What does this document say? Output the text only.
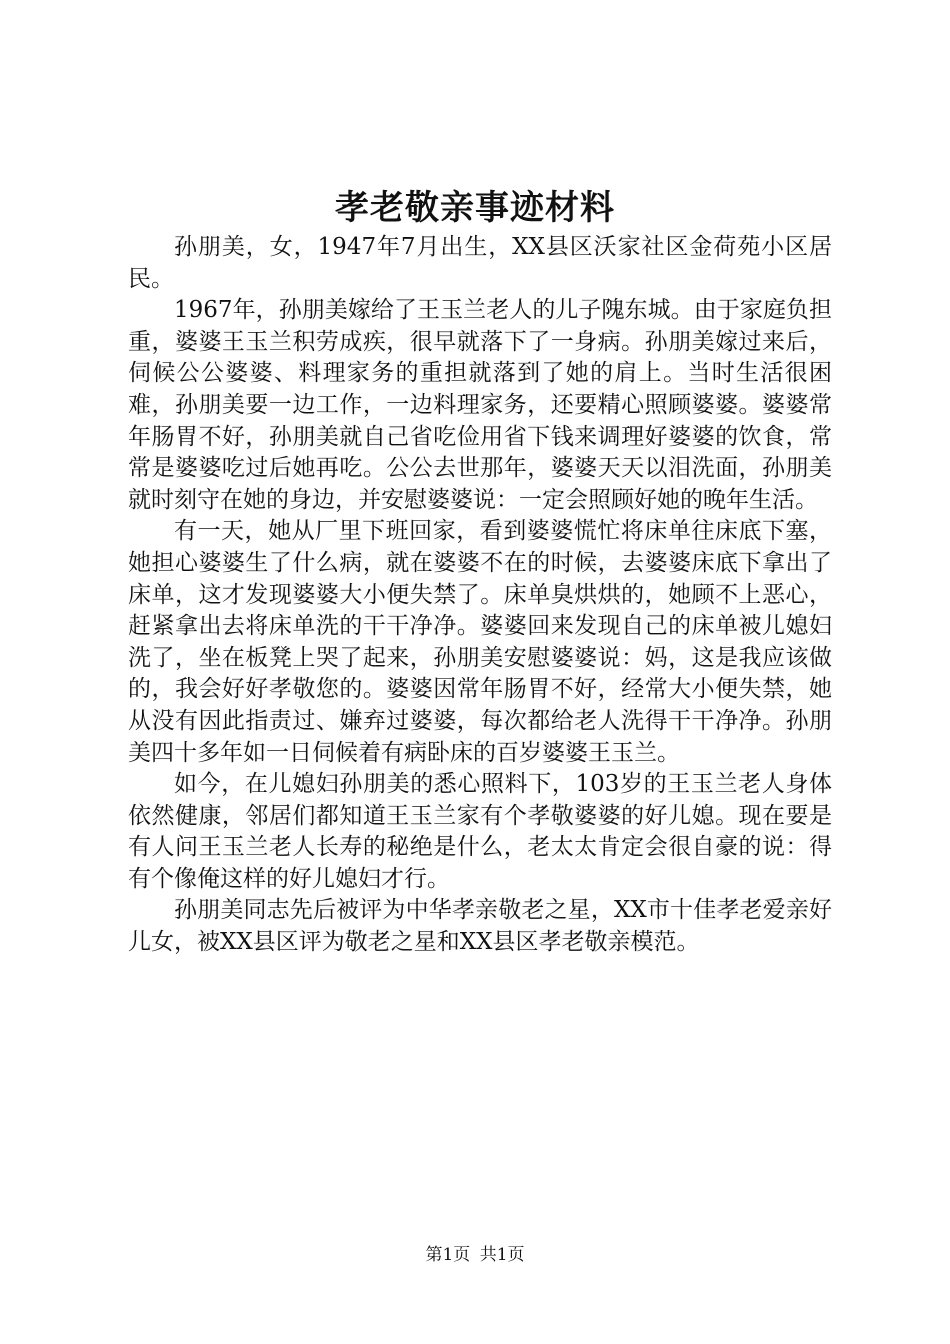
孝老敬亲事迹材料

孙朋美，女，1947年7月出生，XX县区沃家社区金荷苑小区居民。

1967年，孙朋美嫁给了王玉兰老人的儿子隗东城。由于家庭负担重，婆婆王玉兰积劳成疾，很早就落下了一身病。孙朋美嫁过来后，伺候公公婆婆、料理家务的重担就落到了她的肩上。当时生活很困难，孙朋美要一边工作，一边料理家务，还要精心照顾婆婆。婆婆常年肠胃不好，孙朋美就自己省吃俭用省下钱来调理好婆婆的饮食，常常是婆婆吃过后她再吃。公公去世那年，婆婆天天以泪洗面，孙朋美就时刻守在她的身边，并安慰婆婆说：一定会照顾好她的晚年生活。

有一天，她从厂里下班回家，看到婆婆慌忙将床单往床底下塞，她担心婆婆生了什么病，就在婆婆不在的时候，去婆婆床底下拿出了床单，这才发现婆婆大小便失禁了。床单臭烘烘的，她顾不上恶心，赶紧拿出去将床单洗的干干净净。婆婆回来发现自己的床单被儿媳妇洗了，坐在板凳上哭了起来，孙朋美安慰婆婆说：妈，这是我应该做的，我会好好孝敬您的。婆婆因常年肠胃不好，经常大小便失禁，她从没有因此指责过、嫌弃过婆婆，每次都给老人洗得干干净净。孙朋美四十多年如一日伺候着有病卧床的百岁婆婆王玉兰。

如今，在儿媳妇孙朋美的悉心照料下，103岁的王玉兰老人身体依然健康，邻居们都知道王玉兰家有个孝敬婆婆的好儿媳。现在要是有人问王玉兰老人长寿的秘绝是什么，老太太肯定会很自豪的说：得有个像俺这样的好儿媳妇才行。

孙朋美同志先后被评为中华孝亲敬老之星，XX市十佳孝老爱亲好儿女，被XX县区评为敬老之星和XX县区孝老敬亲模范。

第1页 共1页
